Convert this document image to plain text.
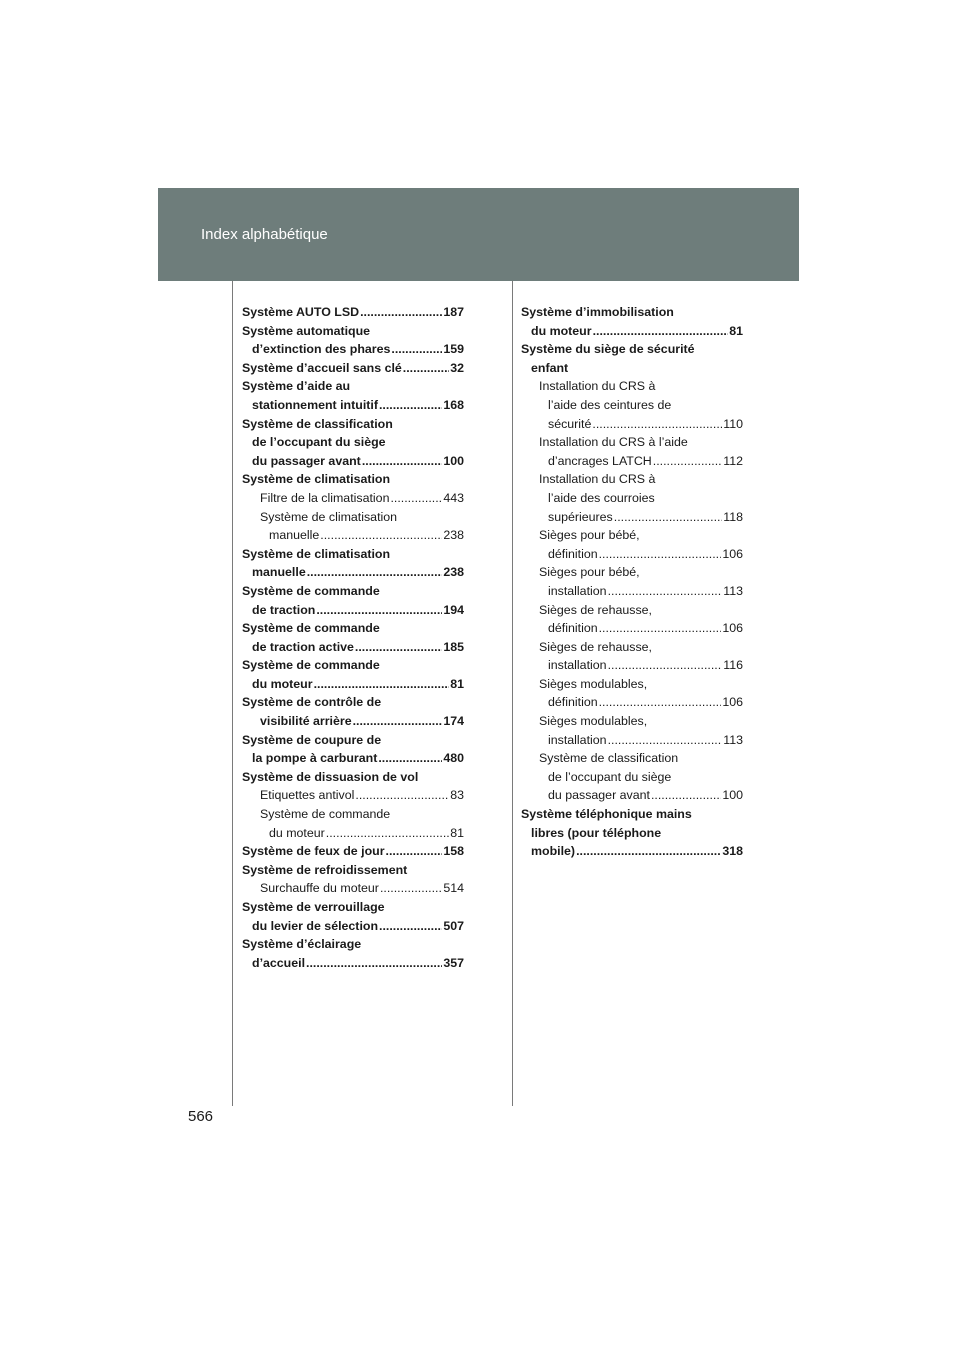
Index alphabétique
Système AUTO LSD .....	187
Système automatique
d’extinction des phares .....	159
Système d’accueil sans clé .....	32
Système d’aide au
stationnement intuitif .....	168
Système de classification
de l’occupant du siège
du passager avant .....	100
Système de climatisation
Filtre de la climatisation .....	443
Système de climatisation
manuelle .....	238
Système de climatisation
manuelle .....	238
Système de commande
de traction .....	194
Système de commande
de traction active .....	185
Système de commande
du moteur .....	81
Système de contrôle de
visibilité arrière .....	174
Système de coupure de
la pompe à carburant .....	480
Système de dissuasion de vol
Etiquettes antivol .....	83
Système de commande
du moteur .....	81
Système de feux de jour .....	158
Système de refroidissement
Surchauffe du moteur .....	514
Système de verrouillage
du levier de sélection .....	507
Système d’éclairage
d’accueil .....	357
Système d’immobilisation
du moteur .....	81
Système du siège de sécurité
enfant
Installation du CRS à
l’aide des ceintures de
sécurité .....	110
Installation du CRS à l’aide
d’ancrages LATCH .....	112
Installation du CRS à
l’aide des courroies
supérieures .....	118
Sièges pour bébé,
définition .....	106
Sièges pour bébé,
installation .....	113
Sièges de rehausse,
définition .....	106
Sièges de rehausse,
installation .....	116
Sièges modulables,
définition .....	106
Sièges modulables,
installation .....	113
Système de classification
de l’occupant du siège
du passager avant .....	100
Système téléphonique mains
libres (pour téléphone
mobile) .....	318
566
